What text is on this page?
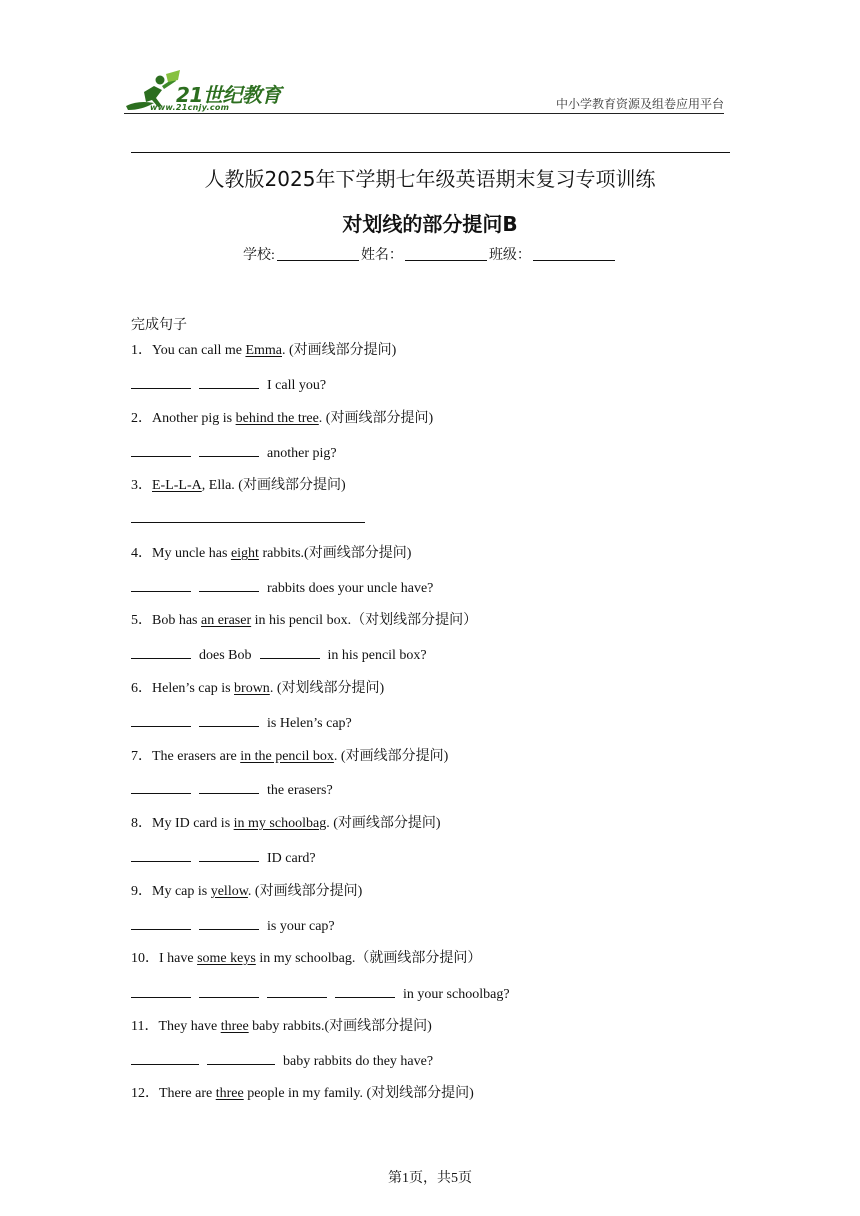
21世纪教育
www.21cnjy.com	中小学教育资源及组卷应用平台
人教版2025年下学期七年级英语期末复习专项训练
对划线的部分提问B
学校:	姓名：	班级：
完成句子
1．You can call me Emma. (对画线部分提问)
I call you?
2．Another pig is behind the tree. (对画线部分提问)
another pig?
3．E-L-L-A, Ella. (对画线部分提问)
4．My uncle has eight rabbits.(对画线部分提问)
rabbits does your uncle have?
5．Bob has an eraser in his pencil box.（对划线部分提问）
does Bob	in his pencil box?
6．Helen’s cap is brown. (对划线部分提问)
is Helen’s cap?
7．The erasers are in the pencil box. (对画线部分提问)
the erasers?
8．My ID card is in my schoolbag. (对画线部分提问)
ID card?
9．My cap is yellow. (对画线部分提问)
is your cap?
10．I have some keys in my schoolbag.（就画线部分提问）
in your schoolbag?
11．They have three baby rabbits.(对画线部分提问)
baby rabbits do they have?
12．There are three people in my family. (对划线部分提问)
第1页，共5页
